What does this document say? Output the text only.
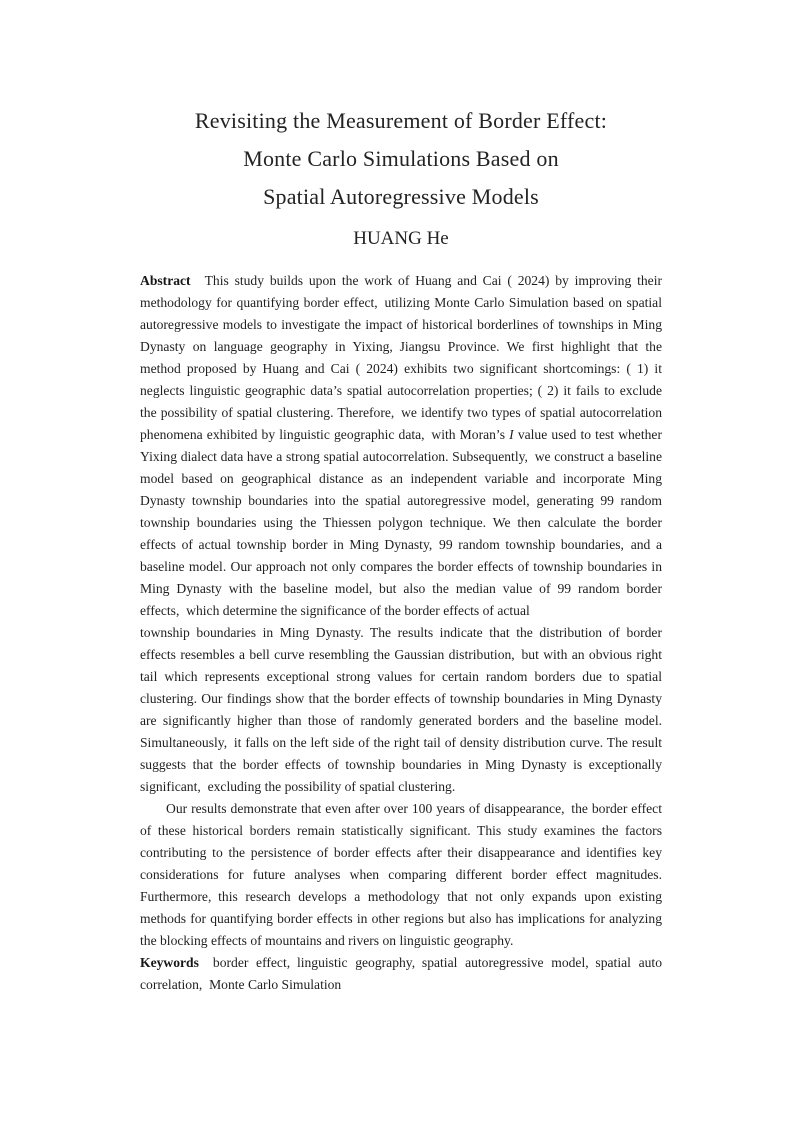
Revisiting the Measurement of Border Effect:
Monte Carlo Simulations Based on
Spatial Autoregressive Models
HUANG He

Abstract This study builds upon the work of Huang and Cai ( 2024) by improving their methodology for quantifying border effect, utilizing Monte Carlo Simulation based on spatial autoregressive models to investigate the impact of historical borderlines of townships in Ming Dynasty on language geography in Yixing, Jiangsu Province. We first highlight that the method proposed by Huang and Cai ( 2024) exhibits two significant shortcomings: ( 1) it neglects linguistic geographic data’s spatial autocorrelation properties; ( 2) it fails to exclude the possibility of spatial clustering. Therefore, we identify two types of spatial autocorrelation phenomena exhibited by linguistic geographic data, with Moran’s I value used to test whether Yixing dialect data have a strong spatial autocorrelation. Subsequently, we construct a baseline model based on geographical distance as an independent variable and incorporate Ming Dynasty township boundaries into the spatial autoregressive model, generating 99 random township boundaries using the Thiessen polygon technique. We then calculate the border effects of actual township border in Ming Dynasty, 99 random township boundaries, and a baseline model. Our approach not only compares the border effects of township boundaries in Ming Dynasty with the baseline model, but also the median value of 99 random border effects, which determine the significance of the border effects of actual

township boundaries in Ming Dynasty. The results indicate that the distribution of border effects resembles a bell curve resembling the Gaussian distribution, but with an obvious right tail which represents exceptional strong values for certain random borders due to spatial clustering. Our findings show that the border effects of township boundaries in Ming Dynasty are significantly higher than those of randomly generated borders and the baseline model. Simultaneously, it falls on the left side of the right tail of density distribution curve. The result suggests that the border effects of township boundaries in Ming Dynasty is exceptionally significant, excluding the possibility of spatial clustering.

Our results demonstrate that even after over 100 years of disappearance, the border effect of these historical borders remain statistically significant. This study examines the factors contributing to the persistence of border effects after their disappearance and identifies key considerations for future analyses when comparing different border effect magnitudes. Furthermore, this research develops a methodology that not only expands upon existing methods for quantifying border effects in other regions but also has implications for analyzing the blocking effects of mountains and rivers on linguistic geography.

Keywords border effect, linguistic geography, spatial autoregressive model, spatial auto correlation, Monte Carlo Simulation
